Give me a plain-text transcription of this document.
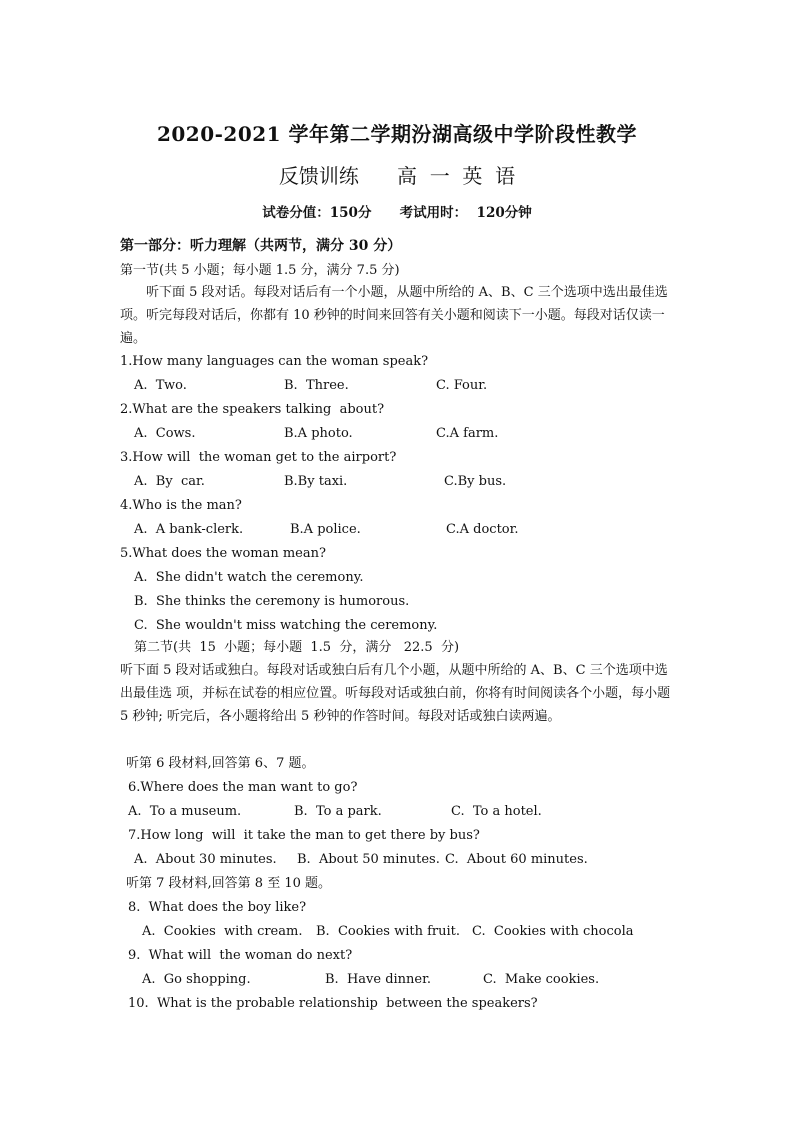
2020-2021 学年第二学期汾湖高级中学阶段性教学
反馈训练      高  一  英  语
试卷分值：150分      考试用时：  120分钟
第一部分：听力理解（共两节，满分 30 分）
第一节(共 5 小题；每小题 1.5 分，满分 7.5 分)
听下面 5 段对话。每段对话后有一个小题，从题中所给的 A、B、C 三个选项中选出最佳选项。听完每段对话后，你都有 10 秒钟的时间来回答有关小题和阅读下一小题。每段对话仅读一遍。
1.How many languages can the woman speak?
A.  Two.	B.  Three.	C. Four.
2.What are the speakers talking  about?
A.  Cows.	B.A photo.	C.A farm.
3.How will  the woman get to the airport?
A.  By  car.	B.By taxi.	C.By bus.
4.Who is the man?
A.  A bank-clerk.	B.A police.	C.A doctor.
5.What does the woman mean?
A.  She didn't watch the ceremony.
B.  She thinks the ceremony is humorous.
C.  She wouldn't miss watching the ceremony.
第二节(共  15  小题；每小题  1.5  分，满分   22.5  分)
听下面 5 段对话或独白。每段对话或独白后有几个小题，从题中所给的 A、B、C 三个选项中选出最佳选 项，并标在试卷的相应位置。听每段对话或独白前，你将有时间阅读各个小题，每小题 5 秒钟; 听完后，各小题将给出 5 秒钟的作答时间。每段对话或独白读两遍。
听第 6 段材料,回答第 6、7 题。
6.Where does the man want to go?
A.  To a museum.	B.  To a park.	C.  To a hotel.
7.How long  will  it take the man to get there by bus?
A.  About 30 minutes. B.  About 50 minutes. C.  About 60 minutes.
听第 7 段材料,回答第 8 至 10 题。
8.  What does the boy like?
A.  Cookies  with cream. B.  Cookies with fruit. C.  Cookies with chocola
9.  What will  the woman do next?
A.  Go shopping.	B.  Have dinner.	C.  Make cookies.
10.  What is the probable relationship  between the speakers?
